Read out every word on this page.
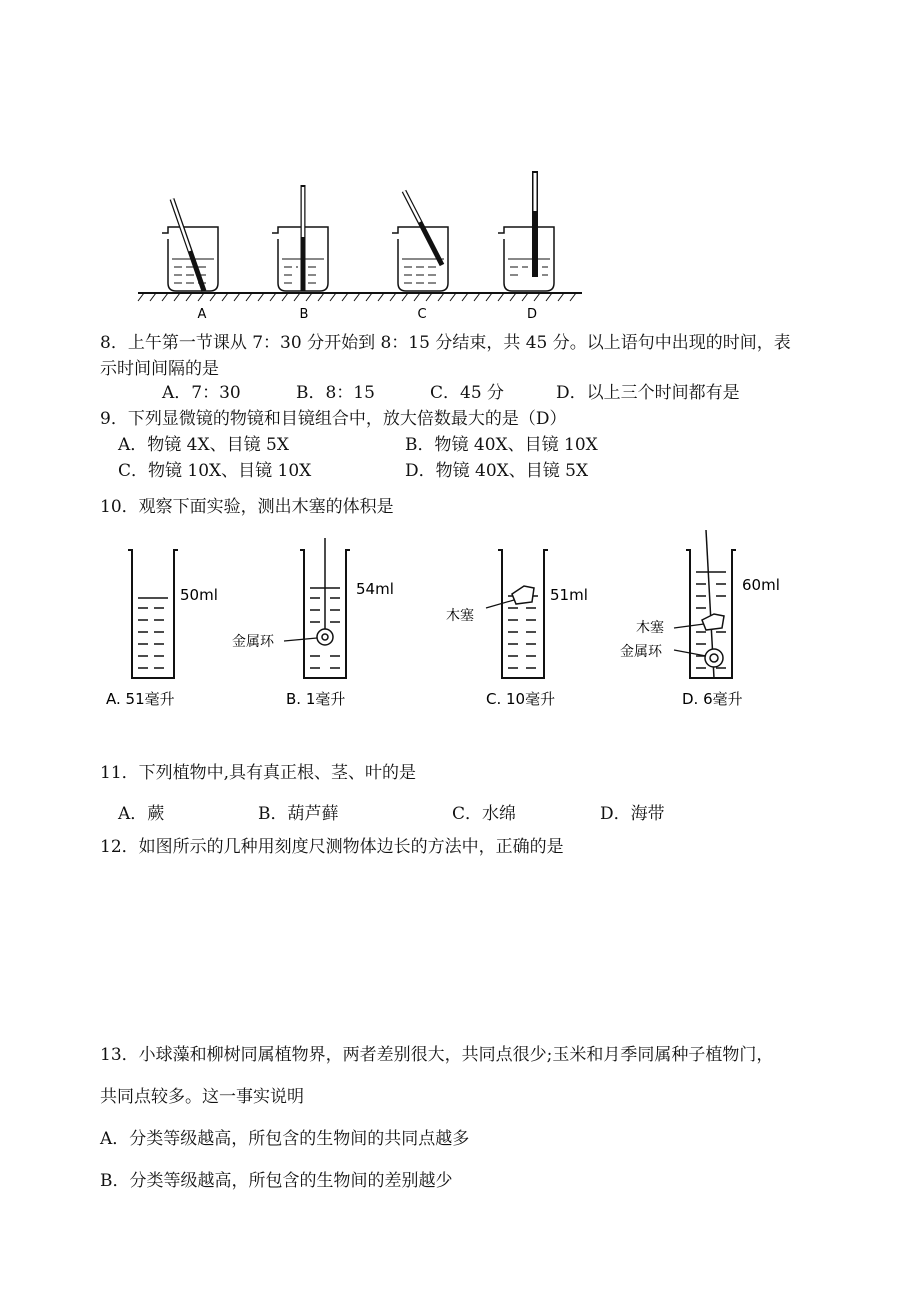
A	B	C	D
8．上午第一节课从 7：30 分开始到 8：15 分结束，共 45 分。以上语句中出现的时间，表
示时间间隔的是
A．7：30	B．8：15	C．45 分	D．以上三个时间都有是
9．下列显微镜的物镜和目镜组合中，放大倍数最大的是（D）
A．物镜 4X、目镜 5X	B．物镜 40X、目镜 10X
C．物镜 10X、目镜 10X	D．物镜 40X、目镜 5X
10．观察下面实验，测出木塞的体积是
50ml
A. 51毫升
金属环
54ml
B. 1毫升
木塞
51ml
C. 10毫升
木塞
金属环
60ml
D. 6毫升
11．下列植物中,具有真正根、茎、叶的是
A．蕨	B．葫芦藓	C．水绵	D．海带
12．如图所示的几种用刻度尺测物体边长的方法中，正确的是
13．小球藻和柳树同属植物界，两者差别很大，共同点很少;玉米和月季同属种子植物门，
共同点较多。这一事实说明
A．分类等级越高，所包含的生物间的共同点越多
B．分类等级越高，所包含的生物间的差别越少
